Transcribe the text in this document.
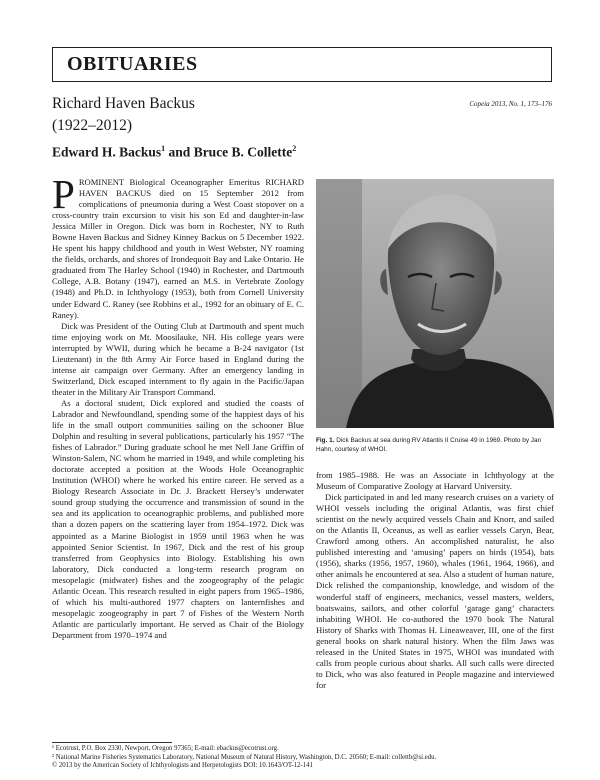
OBITUARIES
Richard Haven Backus
(1922–2012)
Copeia 2013, No. 1, 173–176
Edward H. Backus$^1$ and Bruce B. Collette$^2$

PROMINENT Biological Oceanographer Emeritus RICHARD HAVEN BACKUS died on 15 September 2012 from complications of pneumonia during a West Coast stopover on a cross-country train excursion to visit his son Ed and daughter-in-law Jessica Miller in Oregon. Dick was born in Rochester, NY to Ruth Bowne Haven Backus and Sidney Kinney Backus on 5 December 1922. He spent his happy childhood and youth in West Webster, NY roaming the fields, orchards, and shores of Irondequoit Bay and Lake Ontario. He graduated from The Harley School (1940) in Rochester, and Dartmouth College, A.B. Botany (1947), earned an M.S. in Vertebrate Zoology (1948) and Ph.D. in Ichthyology (1953), both from Cornell University under Edward C. Raney (see Robbins et al., 1992 for an obituary of E. C. Raney).

Dick was President of the Outing Club at Dartmouth and spent much time enjoying work on Mt. Moosilauke, NH. His college years were interrupted by WWII, during which he became a B-24 navigator (1st Lieutenant) in the 8th Army Air Force based in England during the intense air campaign over Germany. After an emergency landing in Switzerland, Dick escaped internment to fly again in the Pacific/Japan theater in the Military Air Transport Command.

As a doctoral student, Dick explored and studied the coasts of Labrador and Newfoundland, spending some of the happiest days of his life in the small outport communities sailing on the schooner Blue Dolphin and resulting in several publications, particularly his 1957 “The fishes of Labrador.” During graduate school he met Nell Jane Griffin of Winston-Salem, NC whom he married in 1949, and while completing his doctorate accepted a position at the Woods Hole Oceanographic Institution (WHOI) where he worked his entire career. He served as a Biology Research Associate in Dr. J. Brackett Hersey’s underwater sound group studying the occurrence and transmission of sound in the sea and its application to oceanographic problems, and published more than a dozen papers on the scattering layer from 1954–1972. Dick was appointed as a Marine Biologist in 1959 until 1963 when he was appointed Senior Scientist. In 1967, Dick and the rest of his group transferred from Geophysics into Biology. Establishing his own laboratory, Dick conducted a long-term research program on mesopelagic (midwater) fishes and the zoogeography of the pelagic Atlantic Ocean. This research resulted in eight papers from 1965–1986, of which his multi-authored 1977 chapters on lanternfishes and mesopelagic zoogeography in part 7 of Fishes of the Western North Atlantic are particularly important. He served as Chair of the Biology Department from 1970–1974 and

Fig. 1. Dick Backus at sea during RV Atlantis II Cruise 49 in 1969. Photo by Jan Hahn, courtesy of WHOI.

from 1985–1988. He was an Associate in Ichthyology at the Museum of Comparative Zoology at Harvard University.

Dick participated in and led many research cruises on a variety of WHOI vessels including the original Atlantis, was first chief scientist on the newly acquired vessels Chain and Knorr, and sailed on the Atlantis II, Oceanus, as well as earlier vessels Caryn, Bear, Crawford among others. An accomplished naturalist, he also published interesting and ‘amusing’ papers on birds (1954), bats (1956), sharks (1956, 1957, 1960), whales (1961, 1964, 1966), and other animals he encountered at sea. Also a student of human nature, Dick relished the companionship, knowledge, and wisdom of the wonderful staff of engineers, mechanics, vessel masters, welders, boatswains, sailors, and other colorful ‘garage gang’ characters inhabiting WHOI. He co-authored the 1970 book The Natural History of Sharks with Thomas H. Lineaweaver, III, one of the first general books on shark natural history. When the film Jaws was released in the United States in 1975, WHOI was inundated with calls from people curious about sharks. All such calls were directed to Dick, who was also featured in People magazine and interviewed for

¹ Ecotrust, P.O. Box 2330, Newport, Oregon 97365; E-mail: ebackus@ecotrust.org.
² National Marine Fisheries Systematics Laboratory, National Museum of Natural History, Washington, D.C. 20560; E-mail: collettb@si.edu.
© 2013 by the American Society of Ichthyologists and Herpetologists DOI: 10.1643/OT-12-141
